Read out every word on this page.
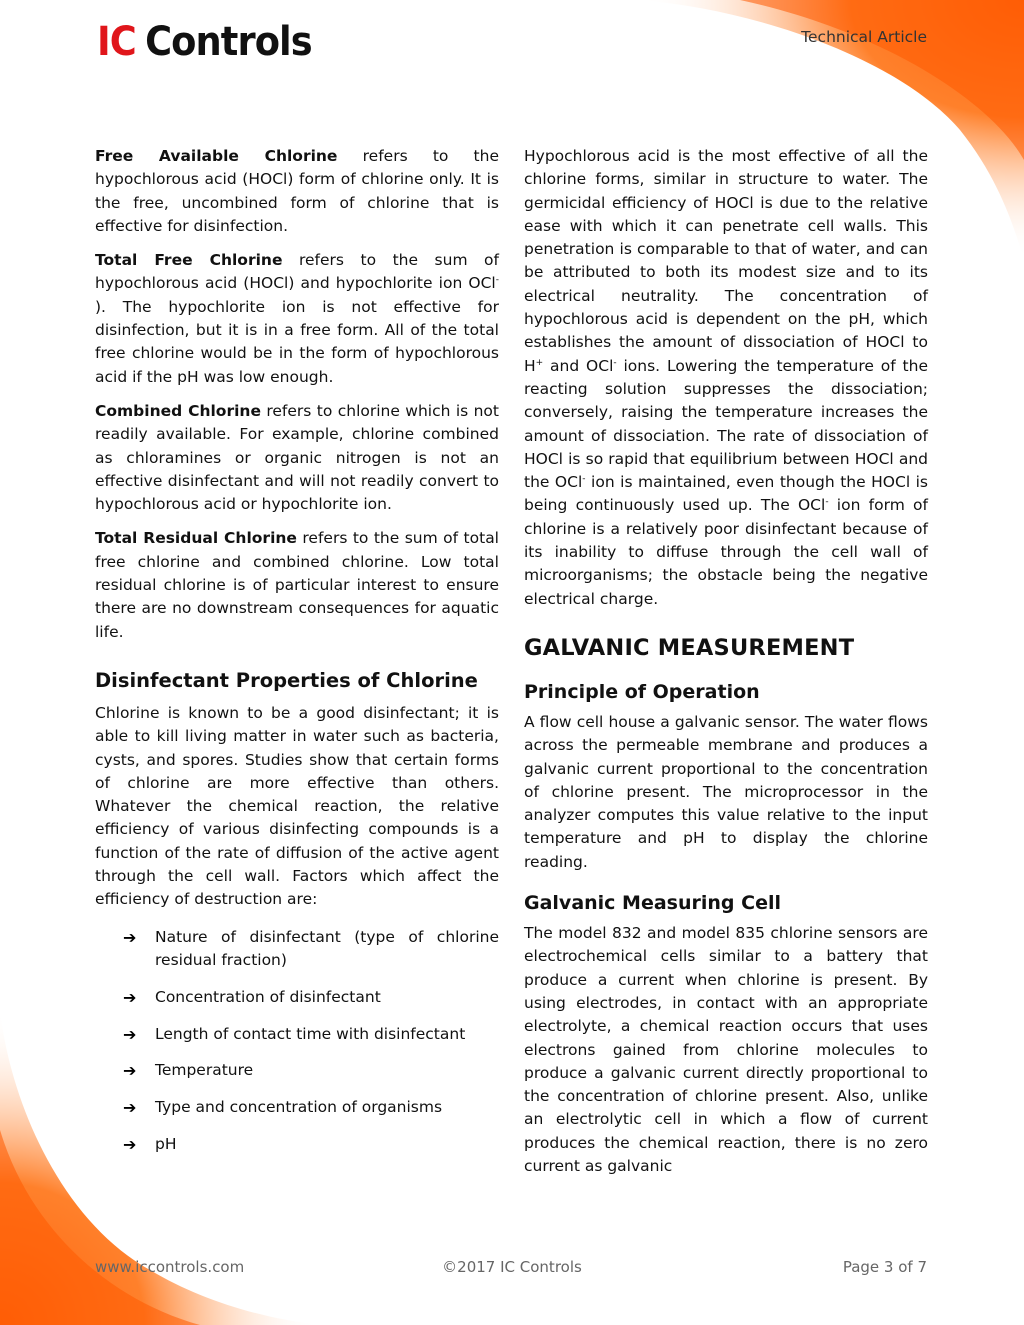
IC Controls	Technical Article

Free Available Chlorine refers to the hypochlorous acid (HOCl) form of chlorine only. It is the free, uncombined form of chlorine that is effective for disinfection.

Total Free Chlorine refers to the sum of hypochlorous acid (HOCl) and hypochlorite ion OCl- ). The hypochlorite ion is not effective for disinfection, but it is in a free form. All of the total free chlorine would be in the form of hypochlorous acid if the pH was low enough.

Combined Chlorine refers to chlorine which is not readily available. For example, chlorine combined as chloramines or organic nitrogen is not an effective disinfectant and will not readily convert to hypochlorous acid or hypochlorite ion.

Total Residual Chlorine refers to the sum of total free chlorine and combined chlorine. Low total residual chlorine is of particular interest to ensure there are no downstream consequences for aquatic life.

Disinfectant Properties of Chlorine

Chlorine is known to be a good disinfectant; it is able to kill living matter in water such as bacteria, cysts, and spores. Studies show that certain forms of chlorine are more effective than others. Whatever the chemical reaction, the relative efficiency of various disinfecting compounds is a function of the rate of diffusion of the active agent through the cell wall. Factors which affect the efficiency of destruction are:

➔ Nature of disinfectant (type of chlorine residual fraction)
➔ Concentration of disinfectant
➔ Length of contact time with disinfectant
➔ Temperature
➔ Type and concentration of organisms
➔ pH

Hypochlorous acid is the most effective of all the chlorine forms, similar in structure to water. The germicidal efficiency of HOCl is due to the relative ease with which it can penetrate cell walls. This penetration is comparable to that of water, and can be attributed to both its modest size and to its electrical neutrality. The concentration of hypochlorous acid is dependent on the pH, which establishes the amount of dissociation of HOCl to H+ and OCl- ions. Lowering the temperature of the reacting solution suppresses the dissociation; conversely, raising the temperature increases the amount of dissociation. The rate of dissociation of HOCl is so rapid that equilibrium between HOCl and the OCl- ion is maintained, even though the HOCl is being continuously used up. The OCl- ion form of chlorine is a relatively poor disinfectant because of its inability to diffuse through the cell wall of microorganisms; the obstacle being the negative electrical charge.

GALVANIC MEASUREMENT
Principle of Operation

A flow cell house a galvanic sensor. The water flows across the permeable membrane and produces a galvanic current proportional to the concentration of chlorine present. The microprocessor in the analyzer computes this value relative to the input temperature and pH to display the chlorine reading.

Galvanic Measuring Cell

The model 832 and model 835 chlorine sensors are electrochemical cells similar to a battery that produce a current when chlorine is present. By using electrodes, in contact with an appropriate electrolyte, a chemical reaction occurs that uses electrons gained from chlorine molecules to produce a galvanic current directly proportional to the concentration of chlorine present. Also, unlike an electrolytic cell in which a flow of current produces the chemical reaction, there is no zero current as galvanic

www.iccontrols.com	©2017 IC Controls	Page 3 of 7
